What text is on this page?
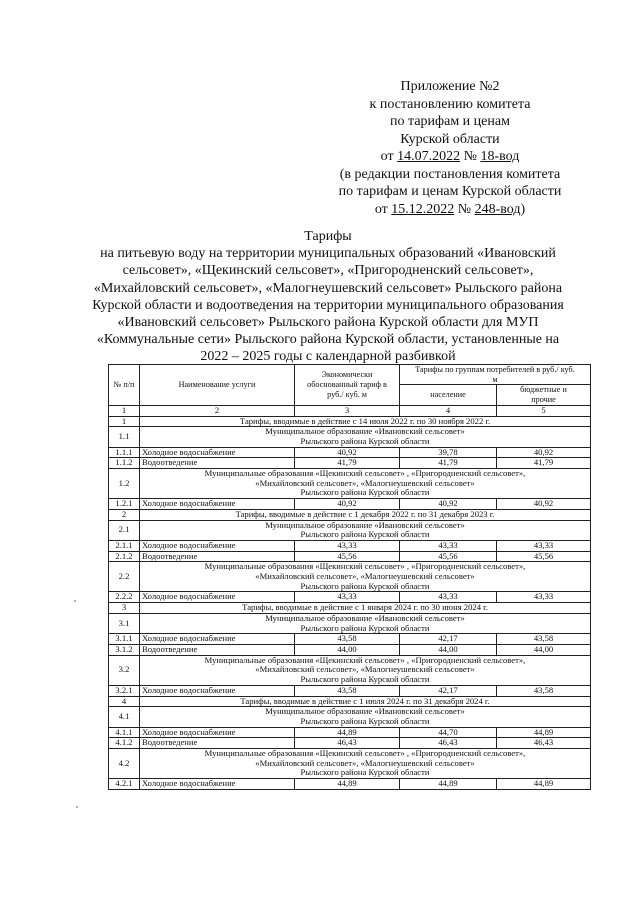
Приложение №2
к постановлению комитета
по тарифам и ценам
Курской области
от 14.07.2022 № 18-вод
(в редакции постановления комитета
по тарифам и ценам Курской области
от 15.12.2022 № 248-вод)
Тарифы
на питьевую воду на территории муниципальных образований «Ивановский
сельсовет», «Щекинский сельсовет», «Пригородненский сельсовет»,
«Михайловский сельсовет», «Малогнеушевский сельсовет» Рыльского района
Курской области и водоотведения на территории муниципального образования
«Ивановский сельсовет» Рыльского района Курской области для МУП
«Коммунальные сети» Рыльского района Курской области, установленные на
2022 – 2025 годы с календарной разбивкой
№ п/п	Наименование услуги	Экономически обоснованный тариф в руб./ куб. м	Тарифы по группам потребителей в руб./ куб. м	
			население	бюджетные и прочие
1	2	3	4	5
1	Тарифы, вводимые в действие с 14 июля 2022 г. по 30 ноября 2022 г.			
1.1	Муниципальное образование «Ивановский сельсовет»
Рыльского района Курской области			

1.1.1	Холодное водоснабжение	40,92	39,78	40,92
1.1.2	Водоотведение	41,79	41,79	41,79
1.2	Муниципальные образования «Щекинский сельсовет» , «Пригородненский сельсовет»,
«Михайловский сельсовет», «Малогнеушевский сельсовет»
Рыльского района Курской области			

1.2.1	Холодное водоснабжение	40,92	40,92	40,92
2	Тарифы, вводимые в действие с 1 декабря 2022 г. по 31 декабря 2023 г.			
2.1	Муниципальное образование «Ивановский сельсовет»
Рыльского района Курской области			

2.1.1	Холодное водоснабжение	43,33	43,33	43,33
2.1.2	Водоотведение	45,56	45,56	45,56
2.2	Муниципальные образования «Щекинский сельсовет» , «Пригородненский сельсовет»,
«Михайловский сельсовет», «Малогнеушевский сельсовет»
Рыльского района Курской области			

2.2.2	Холодное водоснабжение	43,33	43,33	43,33
3	Тарифы, вводимые в действие с 1 января 2024 г. по 30 июня 2024 г.			
3.1	Муниципальное образование «Ивановский сельсовет»
Рыльского района Курской области			

3.1.1	Холодное водоснабжение	43,58	42,17	43,58
3.1.2	Водоотведение	44,00	44,00	44,00
3.2	Муниципальные образования «Щекинский сельсовет» , «Пригородненский сельсовет»,
«Михайловский сельсовет», «Малогнеушевский сельсовет»
Рыльского района Курской области			

3.2.1	Холодное водоснабжение	43,58	42,17	43,58
4	Тарифы, вводимые в действие с 1 июля 2024 г. по 31 декабря 2024 г.			
4.1	Муниципальное образование «Ивановский сельсовет»
Рыльского района Курской области			

4.1.1	Холодное водоснабжение	44,89	44,70	44,89
4.1.2	Водоотведение	46,43	46,43	46,43
4.2	Муниципальные образования «Щекинский сельсовет» , «Пригородненский сельсовет»,
«Михайловский сельсовет», «Малогнеушевский сельсовет»
Рыльского района Курской области			

4.2.1	Холодное водоснабжение	44,89	44,89	44,89
